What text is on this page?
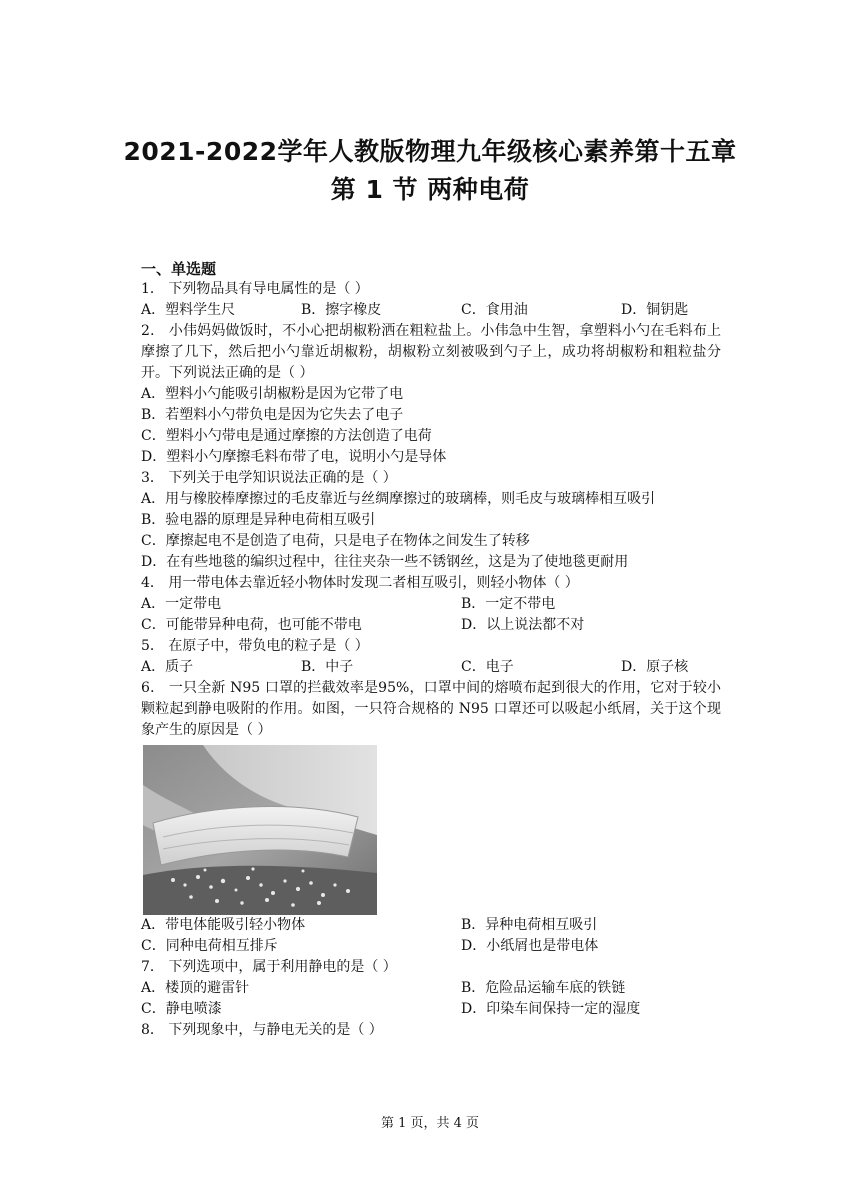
2021-2022学年人教版物理九年级核心素养第十五章
第 1 节 两种电荷
一、单选题
1． 下列物品具有导电属性的是（ ）
A．塑料学生尺	B．擦字橡皮	C．食用油	D．铜钥匙
2． 小伟妈妈做饭时，不小心把胡椒粉洒在粗粒盐上。小伟急中生智，拿塑料小勺在毛料布上摩擦了几下，然后把小勺靠近胡椒粉，胡椒粉立刻被吸到勺子上，成功将胡椒粉和粗粒盐分开。下列说法正确的是（ ）
A．塑料小勺能吸引胡椒粉是因为它带了电
B．若塑料小勺带负电是因为它失去了电子
C．塑料小勺带电是通过摩擦的方法创造了电荷
D．塑料小勺摩擦毛料布带了电，说明小勺是导体
3． 下列关于电学知识说法正确的是（ ）
A．用与橡胶棒摩擦过的毛皮靠近与丝绸摩擦过的玻璃棒，则毛皮与玻璃棒相互吸引
B．验电器的原理是异种电荷相互吸引
C．摩擦起电不是创造了电荷，只是电子在物体之间发生了转移
D．在有些地毯的编织过程中，往往夹杂一些不锈钢丝，这是为了使地毯更耐用
4． 用一带电体去靠近轻小物体时发现二者相互吸引，则轻小物体（ ）
A．一定带电	B．一定不带电
C．可能带异种电荷，也可能不带电	D．以上说法都不对
5． 在原子中，带负电的粒子是（ ）
A．质子	B．中子	C．电子	D．原子核
6． 一只全新 N95 口罩的拦截效率是95%，口罩中间的熔喷布起到很大的作用，它对于较小颗粒起到静电吸附的作用。如图，一只符合规格的 N95 口罩还可以吸起小纸屑，关于这个现象产生的原因是（ ）
A．带电体能吸引轻小物体	B．异种电荷相互吸引
C．同种电荷相互排斥	D．小纸屑也是带电体
7． 下列选项中，属于利用静电的是（ ）
A．楼顶的避雷针	B．危险品运输车底的铁链
C．静电喷漆	D．印染车间保持一定的湿度
8． 下列现象中，与静电无关的是（ ）
第 1 页，共 4 页
